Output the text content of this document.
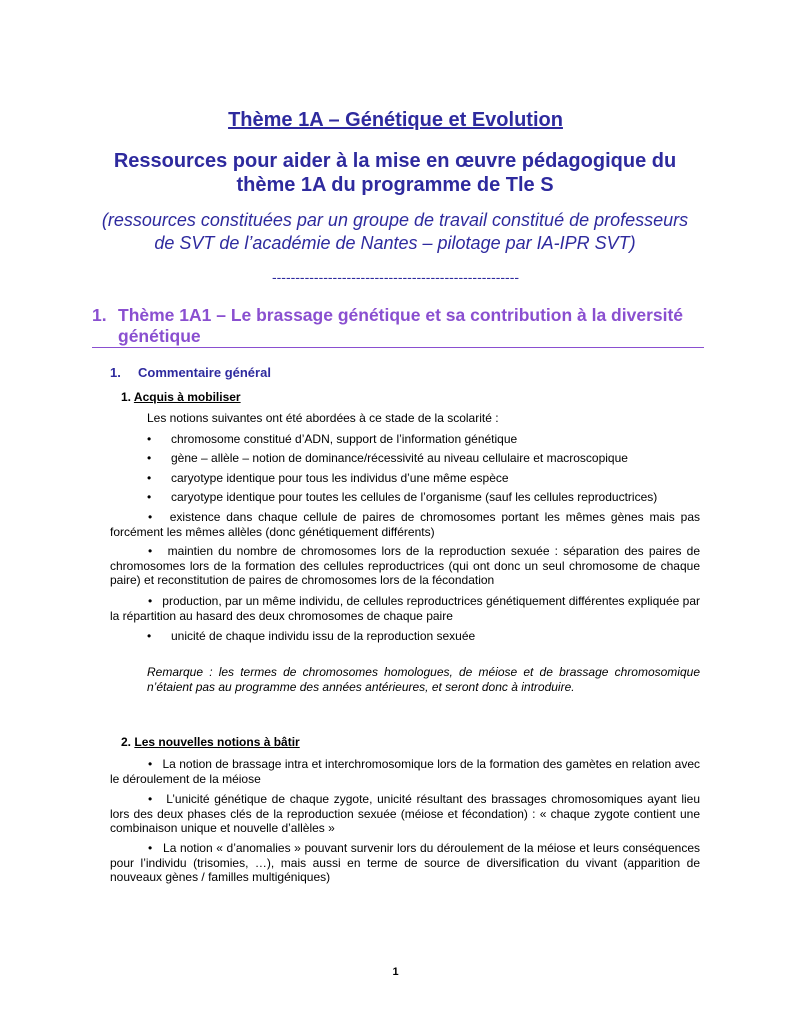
Thème 1A – Génétique et Evolution
Ressources pour aider à la mise en œuvre pédagogique du thème 1A du programme de Tle S
(ressources constituées par un groupe de travail constitué de professeurs de SVT de l’académie de Nantes – pilotage par IA-IPR SVT)
-----------------------------------------------------
1. Thème 1A1 – Le brassage génétique et sa contribution à la diversité génétique
1. Commentaire général
1. Acquis à mobiliser
Les notions suivantes ont été abordées à ce stade de la scolarité :
• chromosome constitué d’ADN, support de l’information génétique
• gène – allèle – notion de dominance/récessivité au niveau cellulaire et macroscopique
• caryotype identique pour tous les individus d’une même espèce
• caryotype identique pour toutes les cellules de l’organisme (sauf les cellules reproductrices)
•   existence dans chaque cellule de paires de chromosomes portant les mêmes gènes mais pas forcément les mêmes allèles (donc génétiquement différents)
•   maintien du nombre de chromosomes lors de la reproduction sexuée : séparation des paires de chromosomes lors de la formation des cellules reproductrices (qui ont donc un seul chromosome de chaque paire) et reconstitution de paires de chromosomes lors de la fécondation
•   production, par un même individu, de cellules reproductrices génétiquement différentes expliquée par la répartition au hasard des deux chromosomes de chaque paire
• unicité de chaque individu issu de la reproduction sexuée
Remarque : les termes de chromosomes homologues, de méiose et de brassage chromosomique n’étaient pas au programme des années antérieures, et seront donc à introduire.
2. Les nouvelles notions à bâtir
•   La notion de brassage intra et interchromosomique lors de la formation des gamètes en relation avec le déroulement de la méiose
•   L’unicité génétique de chaque zygote, unicité résultant des brassages chromosomiques ayant lieu lors des deux phases clés de la reproduction sexuée (méiose et fécondation) : « chaque zygote contient une combinaison unique et nouvelle d’allèles »
•   La notion « d’anomalies » pouvant survenir lors du déroulement de la méiose et leurs conséquences pour l’individu (trisomies, …), mais aussi en terme de source de diversification du vivant (apparition de nouveaux gènes / familles multigéniques)
1
